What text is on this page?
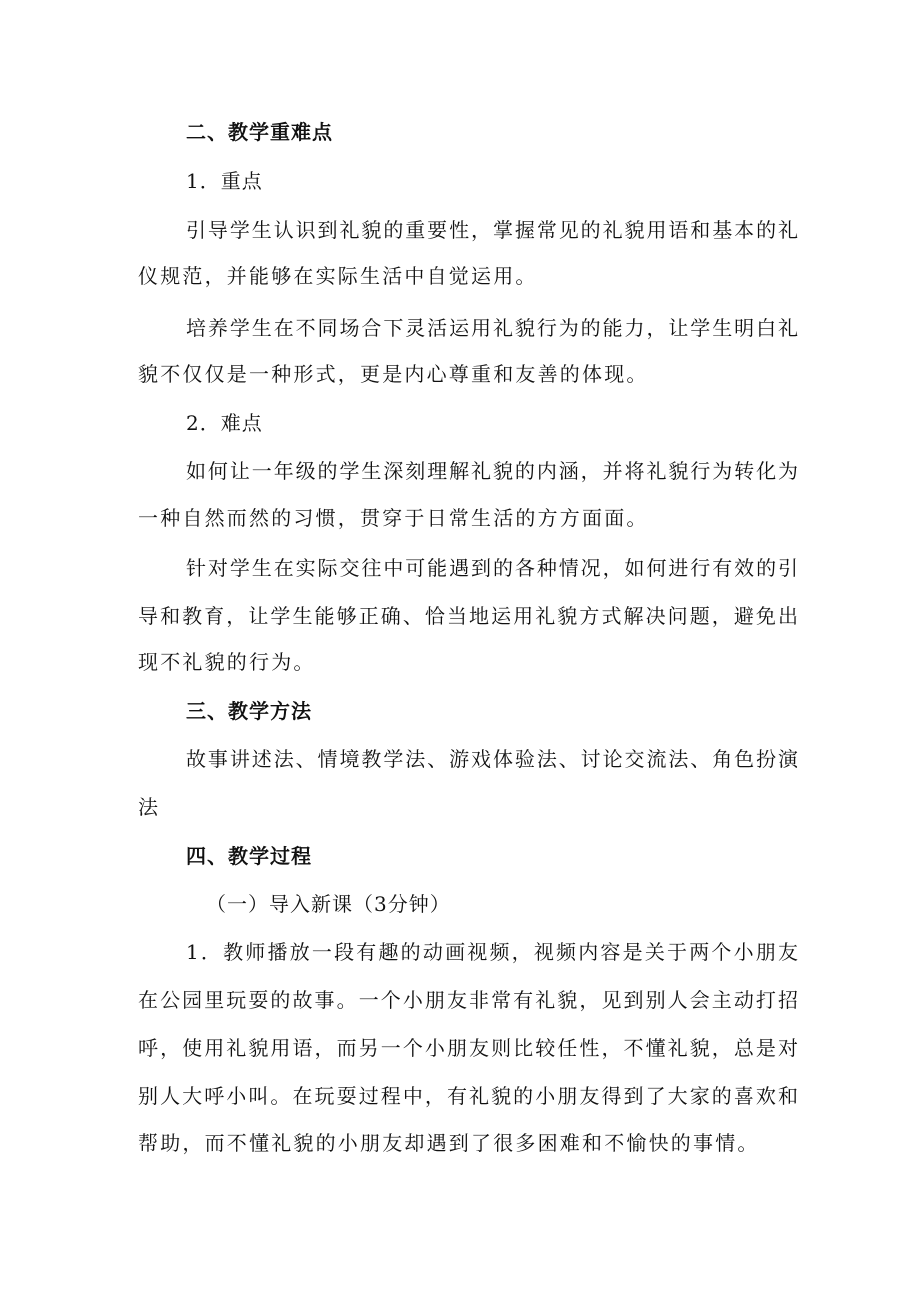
二、教学重难点
1．重点
引导学生认识到礼貌的重要性，掌握常见的礼貌用语和基本的礼
仪规范，并能够在实际生活中自觉运用。
培养学生在不同场合下灵活运用礼貌行为的能力，让学生明白礼
貌不仅仅是一种形式，更是内心尊重和友善的体现。
2．难点
如何让一年级的学生深刻理解礼貌的内涵，并将礼貌行为转化为
一种自然而然的习惯，贯穿于日常生活的方方面面。
针对学生在实际交往中可能遇到的各种情况，如何进行有效的引
导和教育，让学生能够正确、恰当地运用礼貌方式解决问题，避免出
现不礼貌的行为。
三、教学方法
故事讲述法、情境教学法、游戏体验法、讨论交流法、角色扮演
法
四、教学过程
（一）导入新课（3分钟）
1．教师播放一段有趣的动画视频，视频内容是关于两个小朋友
在公园里玩耍的故事。一个小朋友非常有礼貌，见到别人会主动打招
呼，使用礼貌用语，而另一个小朋友则比较任性，不懂礼貌，总是对
别人大呼小叫。在玩耍过程中，有礼貌的小朋友得到了大家的喜欢和
帮助，而不懂礼貌的小朋友却遇到了很多困难和不愉快的事情。
